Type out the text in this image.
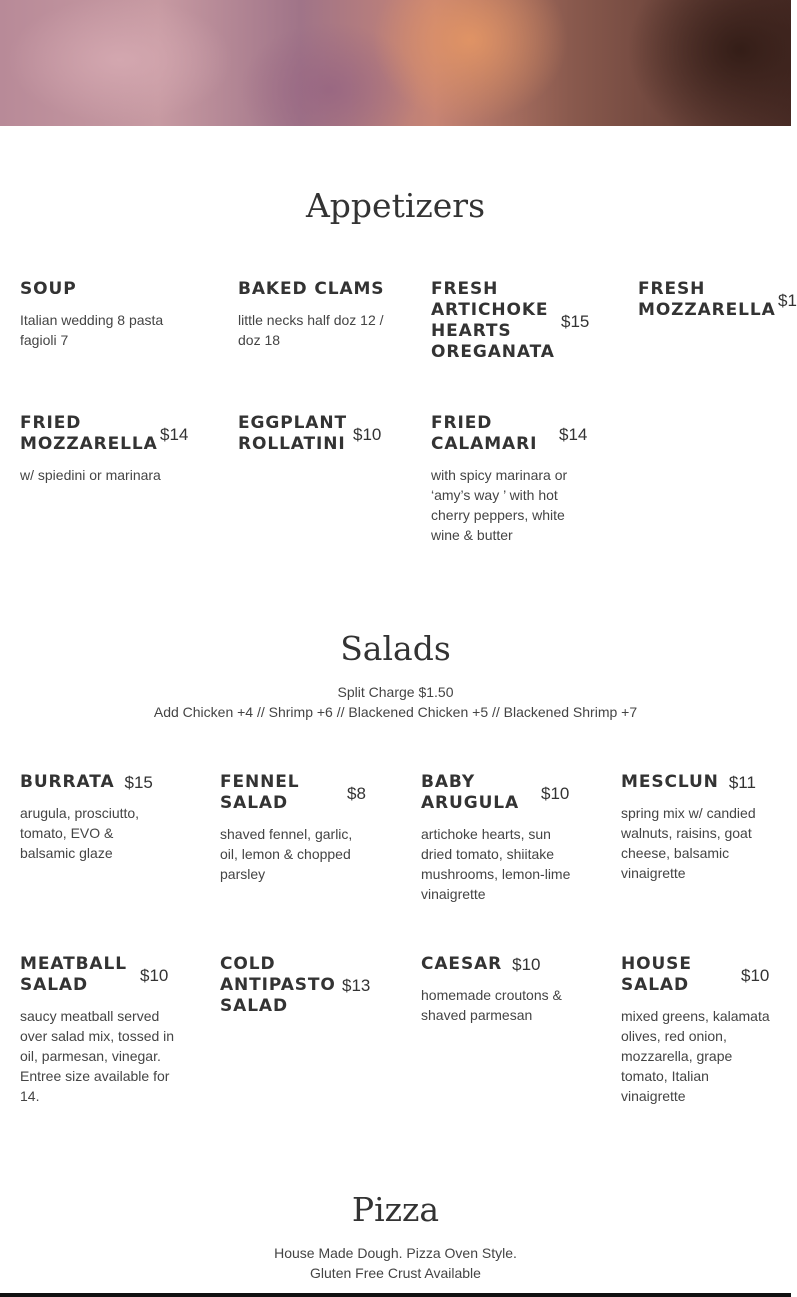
Appetizers
SOUP
Italian wedding 8 pasta fagioli 7
BAKED CLAMS
little necks half doz 12 / doz 18
FRESH ARTICHOKE HEARTS OREGANATA
$15
FRESH MOZZARELLA $1
FRIED MOZZARELLA $14
w/ spiedini or marinara
EGGPLANT ROLLATINI $10
FRIED CALAMARI	$14
with spicy marinara or ‘amy’s way ’ with hot cherry peppers, white wine & butter
Salads
Split Charge $1.50
Add Chicken +4 // Shrimp +6 // Blackened Chicken +5 // Blackened Shrimp +7
BURRATA $15
arugula, prosciutto, tomato, EVO & balsamic glaze
FENNEL SALAD	$8
shaved fennel, garlic, oil, lemon & chopped parsley
BABY ARUGULA	$10
artichoke hearts, sun dried tomato, shiitake mushrooms, lemon-lime vinaigrette
MESCLUN $11
spring mix w/ candied walnuts, raisins, goat cheese, balsamic vinaigrette
MEATBALL SALAD	$10
saucy meatball served over salad mix, tossed in oil, parmesan, vinegar. Entree size available for 14.
COLD ANTIPASTO SALAD
$13
CAESAR $10
homemade croutons & shaved parmesan
HOUSE SALAD	$10
mixed greens, kalamata olives, red onion, mozzarella, grape tomato, Italian vinaigrette
Pizza
House Made Dough. Pizza Oven Style.
Gluten Free Crust Available
